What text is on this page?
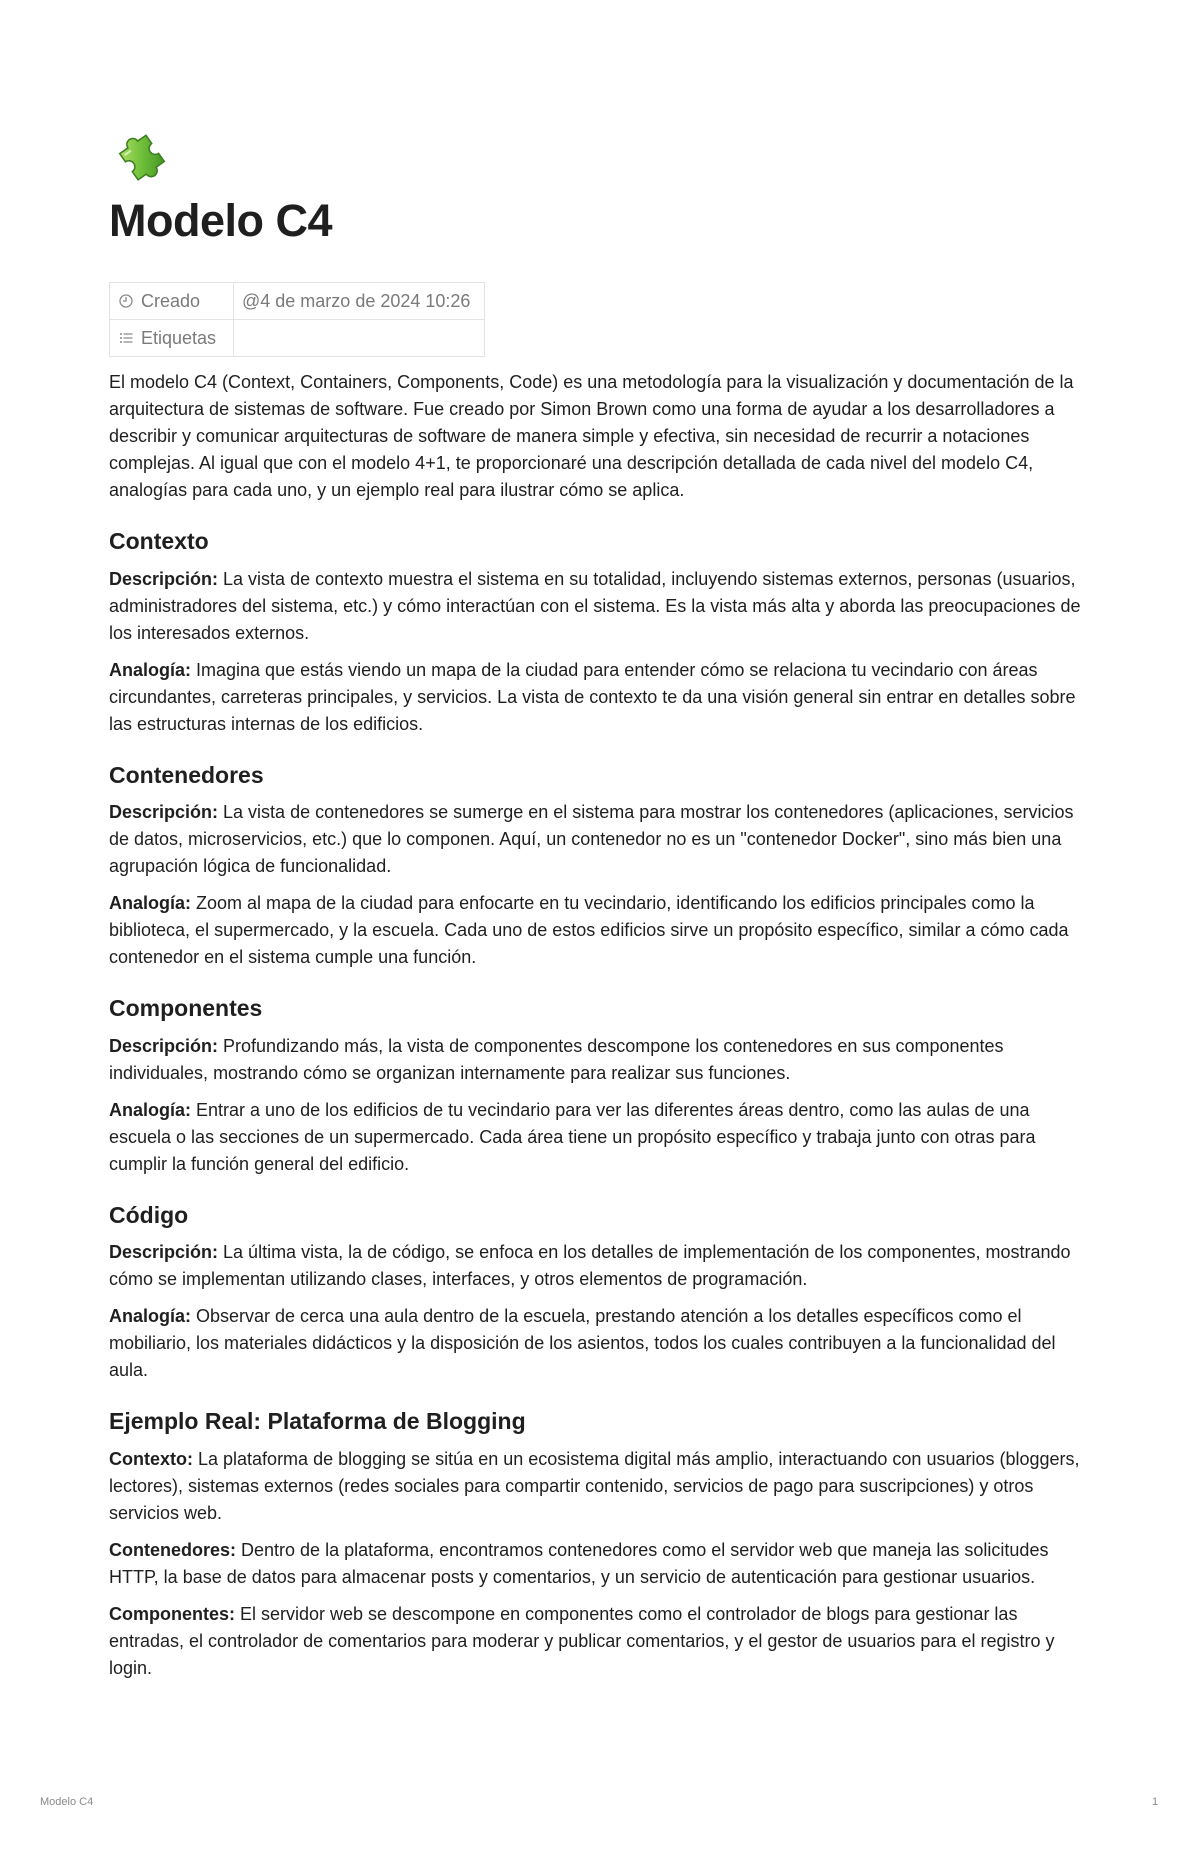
Modelo C4
Creado	@4 de marzo de 2024 10:26

Etiquetas	

El modelo C4 (Context, Containers, Components, Code) es una metodología para la visualización y documentación de la arquitectura de sistemas de software. Fue creado por Simon Brown como una forma de ayudar a los desarrolladores a describir y comunicar arquitecturas de software de manera simple y efectiva, sin necesidad de recurrir a notaciones complejas. Al igual que con el modelo 4+1, te proporcionaré una descripción detallada de cada nivel del modelo C4, analogías para cada uno, y un ejemplo real para ilustrar cómo se aplica.

Contexto

Descripción: La vista de contexto muestra el sistema en su totalidad, incluyendo sistemas externos, personas (usuarios, administradores del sistema, etc.) y cómo interactúan con el sistema. Es la vista más alta y aborda las preocupaciones de los interesados externos.

Analogía: Imagina que estás viendo un mapa de la ciudad para entender cómo se relaciona tu vecindario con áreas circundantes, carreteras principales, y servicios. La vista de contexto te da una visión general sin entrar en detalles sobre las estructuras internas de los edificios.

Contenedores

Descripción: La vista de contenedores se sumerge en el sistema para mostrar los contenedores (aplicaciones, servicios de datos, microservicios, etc.) que lo componen. Aquí, un contenedor no es un "contenedor Docker", sino más bien una agrupación lógica de funcionalidad.

Analogía: Zoom al mapa de la ciudad para enfocarte en tu vecindario, identificando los edificios principales como la biblioteca, el supermercado, y la escuela. Cada uno de estos edificios sirve un propósito específico, similar a cómo cada contenedor en el sistema cumple una función.

Componentes

Descripción: Profundizando más, la vista de componentes descompone los contenedores en sus componentes individuales, mostrando cómo se organizan internamente para realizar sus funciones.

Analogía: Entrar a uno de los edificios de tu vecindario para ver las diferentes áreas dentro, como las aulas de una escuela o las secciones de un supermercado. Cada área tiene un propósito específico y trabaja junto con otras para cumplir la función general del edificio.

Código

Descripción: La última vista, la de código, se enfoca en los detalles de implementación de los componentes, mostrando cómo se implementan utilizando clases, interfaces, y otros elementos de programación.

Analogía: Observar de cerca una aula dentro de la escuela, prestando atención a los detalles específicos como el mobiliario, los materiales didácticos y la disposición de los asientos, todos los cuales contribuyen a la funcionalidad del aula.

Ejemplo Real: Plataforma de Blogging

Contexto: La plataforma de blogging se sitúa en un ecosistema digital más amplio, interactuando con usuarios (bloggers, lectores), sistemas externos (redes sociales para compartir contenido, servicios de pago para suscripciones) y otros servicios web.

Contenedores: Dentro de la plataforma, encontramos contenedores como el servidor web que maneja las solicitudes HTTP, la base de datos para almacenar posts y comentarios, y un servicio de autenticación para gestionar usuarios.

Componentes: El servidor web se descompone en componentes como el controlador de blogs para gestionar las entradas, el controlador de comentarios para moderar y publicar comentarios, y el gestor de usuarios para el registro y login.

Modelo C4	1
